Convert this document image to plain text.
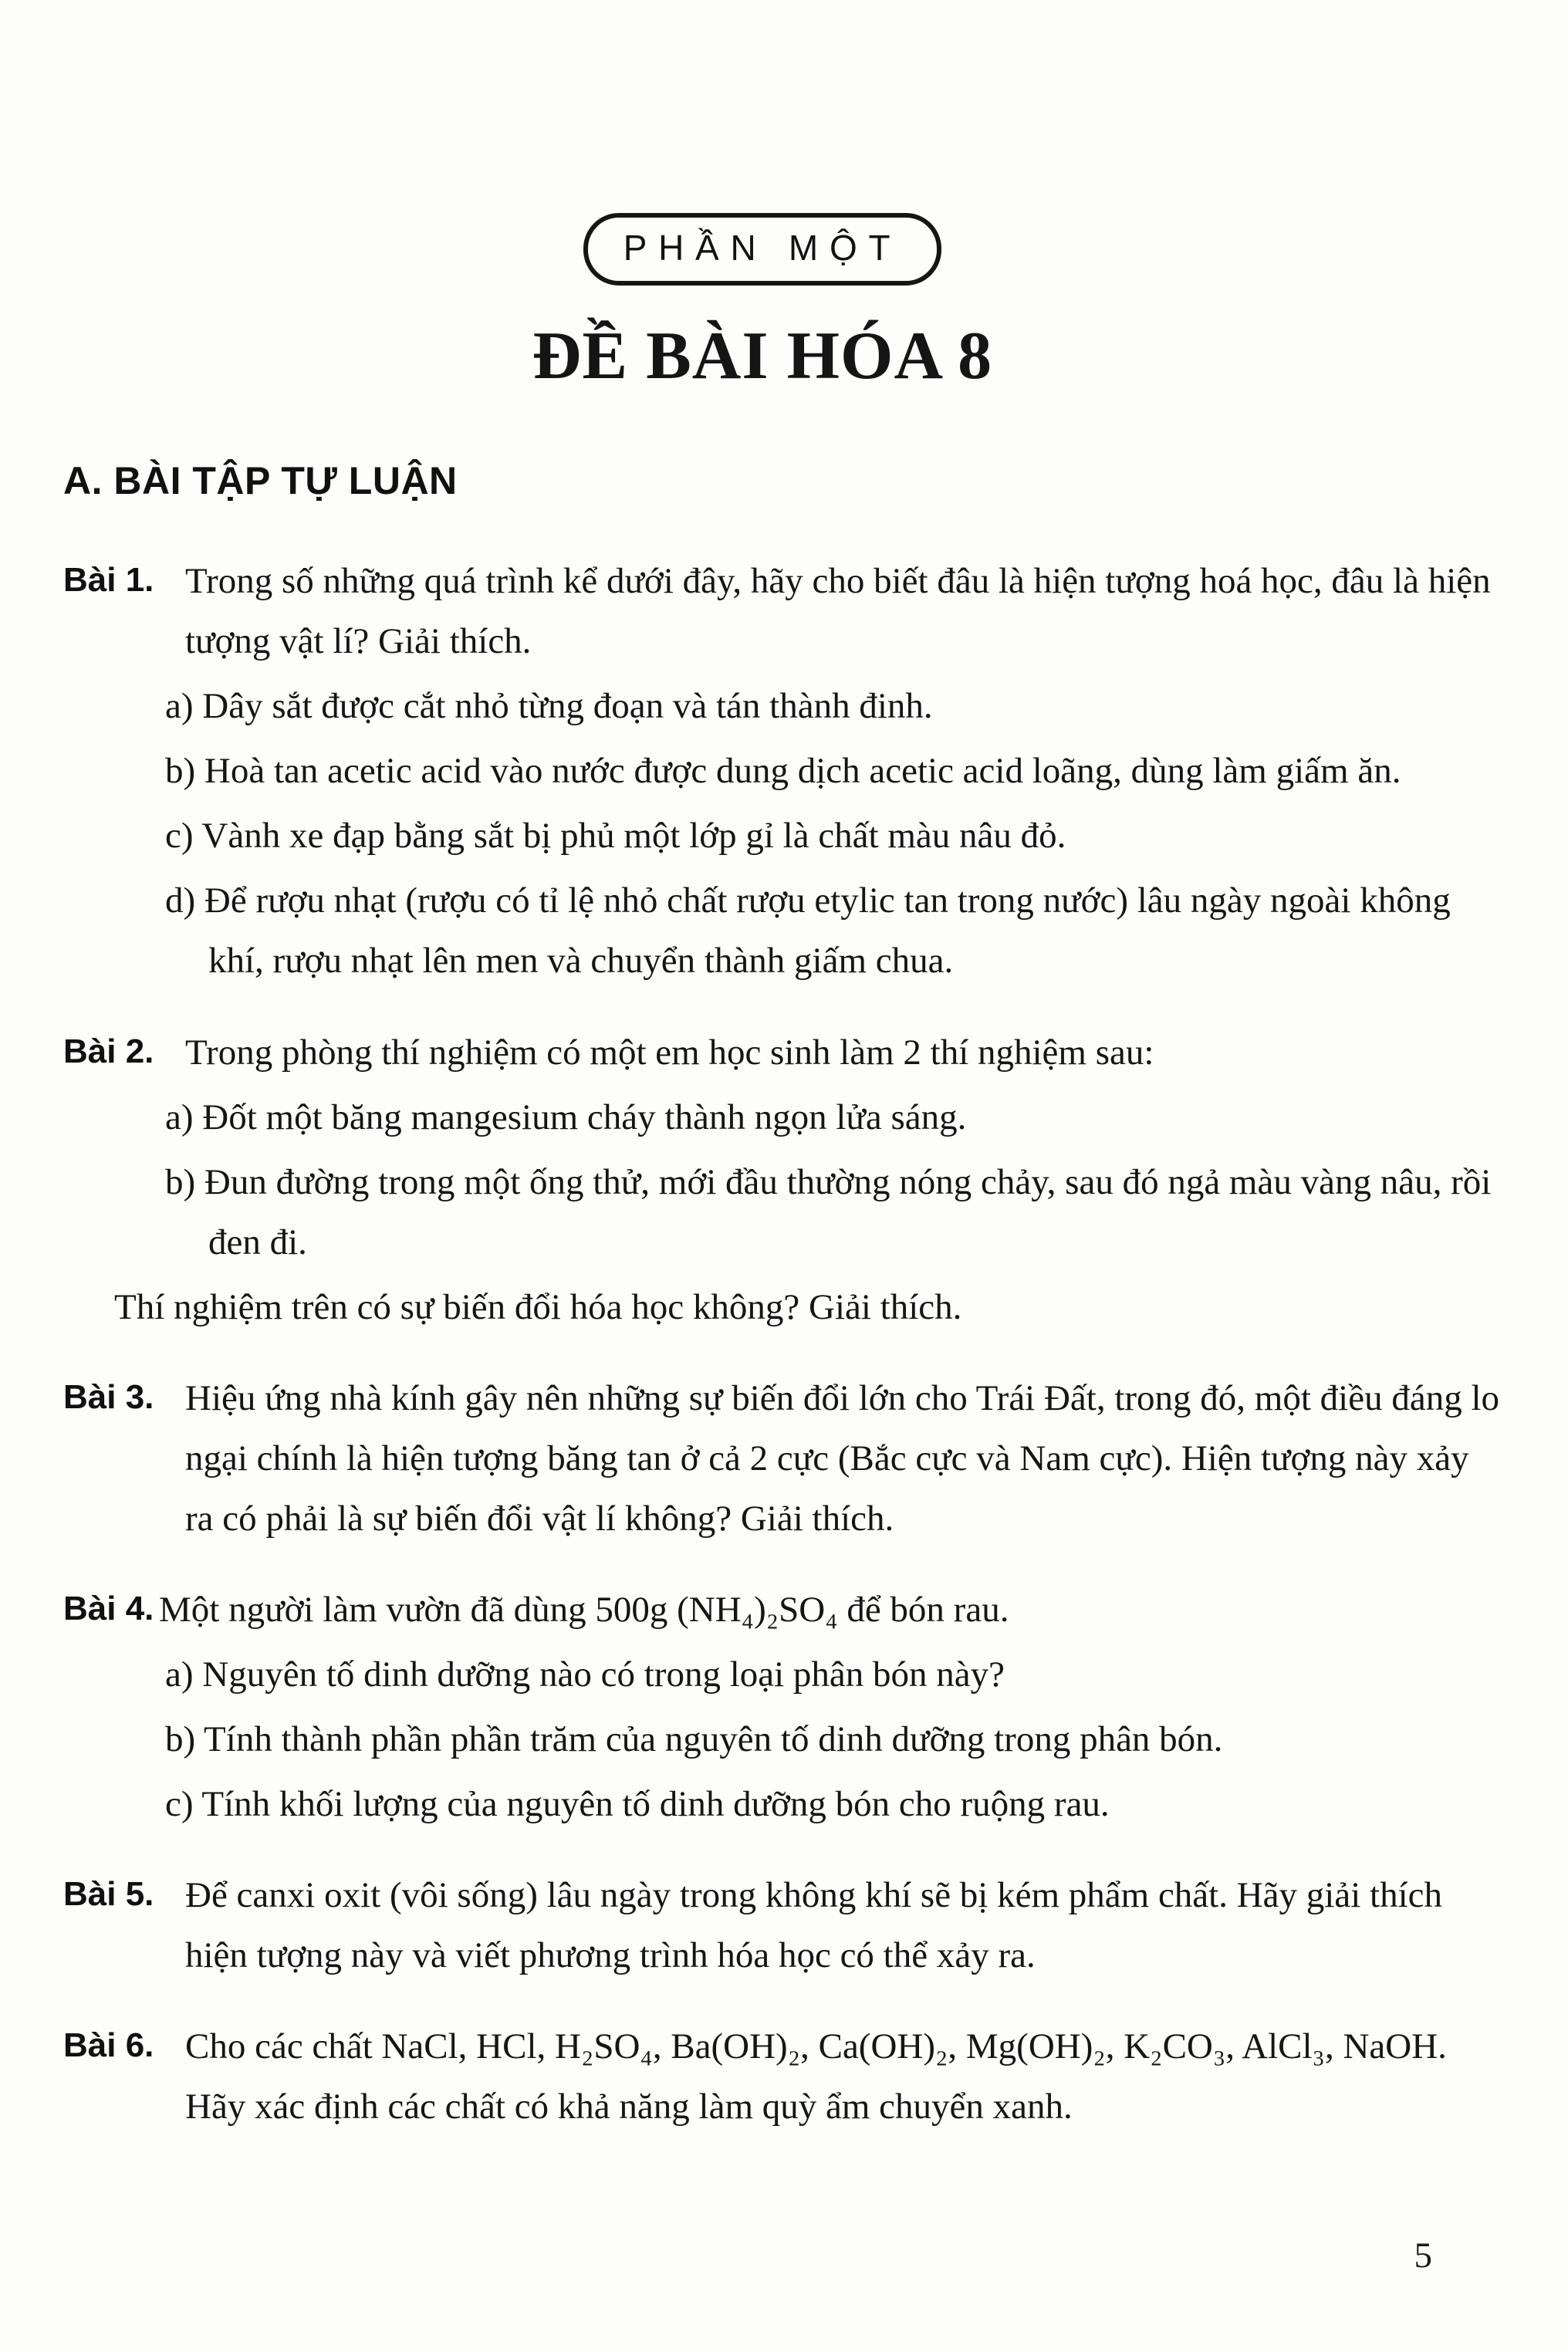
PHẦN MỘT
ĐỀ BÀI HÓA 8
A. BÀI TẬP TỰ LUẬN
Bài 1. Trong số những quá trình kể dưới đây, hãy cho biết đâu là hiện tượng hoá học, đâu là hiện tượng vật lí? Giải thích.

a) Dây sắt được cắt nhỏ từng đoạn và tán thành đinh.

b) Hoà tan acetic acid vào nước được dung dịch acetic acid loãng, dùng làm giấm ăn.

c) Vành xe đạp bằng sắt bị phủ một lớp gỉ là chất màu nâu đỏ.

d) Để rượu nhạt (rượu có tỉ lệ nhỏ chất rượu etylic tan trong nước) lâu ngày ngoài không khí, rượu nhạt lên men và chuyển thành giấm chua.

Bài 2. Trong phòng thí nghiệm có một em học sinh làm 2 thí nghiệm sau:

a) Đốt một băng mangesium cháy thành ngọn lửa sáng.

b) Đun đường trong một ống thử, mới đầu thường nóng chảy, sau đó ngả màu vàng nâu, rồi đen đi.

Thí nghiệm trên có sự biến đổi hóa học không? Giải thích.

Bài 3. Hiệu ứng nhà kính gây nên những sự biến đổi lớn cho Trái Đất, trong đó, một điều đáng lo ngại chính là hiện tượng băng tan ở cả 2 cực (Bắc cực và Nam cực). Hiện tượng này xảy ra có phải là sự biến đổi vật lí không? Giải thích.

Bài 4. Một người làm vườn đã dùng 500g (NH₄)₂SO₄ để bón rau.

a) Nguyên tố dinh dưỡng nào có trong loại phân bón này?

b) Tính thành phần phần trăm của nguyên tố dinh dưỡng trong phân bón.

c) Tính khối lượng của nguyên tố dinh dưỡng bón cho ruộng rau.

Bài 5. Để canxi oxit (vôi sống) lâu ngày trong không khí sẽ bị kém phẩm chất. Hãy giải thích hiện tượng này và viết phương trình hóa học có thể xảy ra.

Bài 6. Cho các chất NaCl, HCl, H₂SO₄, Ba(OH)₂, Ca(OH)₂, Mg(OH)₂, K₂CO₃, AlCl₃, NaOH. Hãy xác định các chất có khả năng làm quỳ ẩm chuyển xanh.

5
